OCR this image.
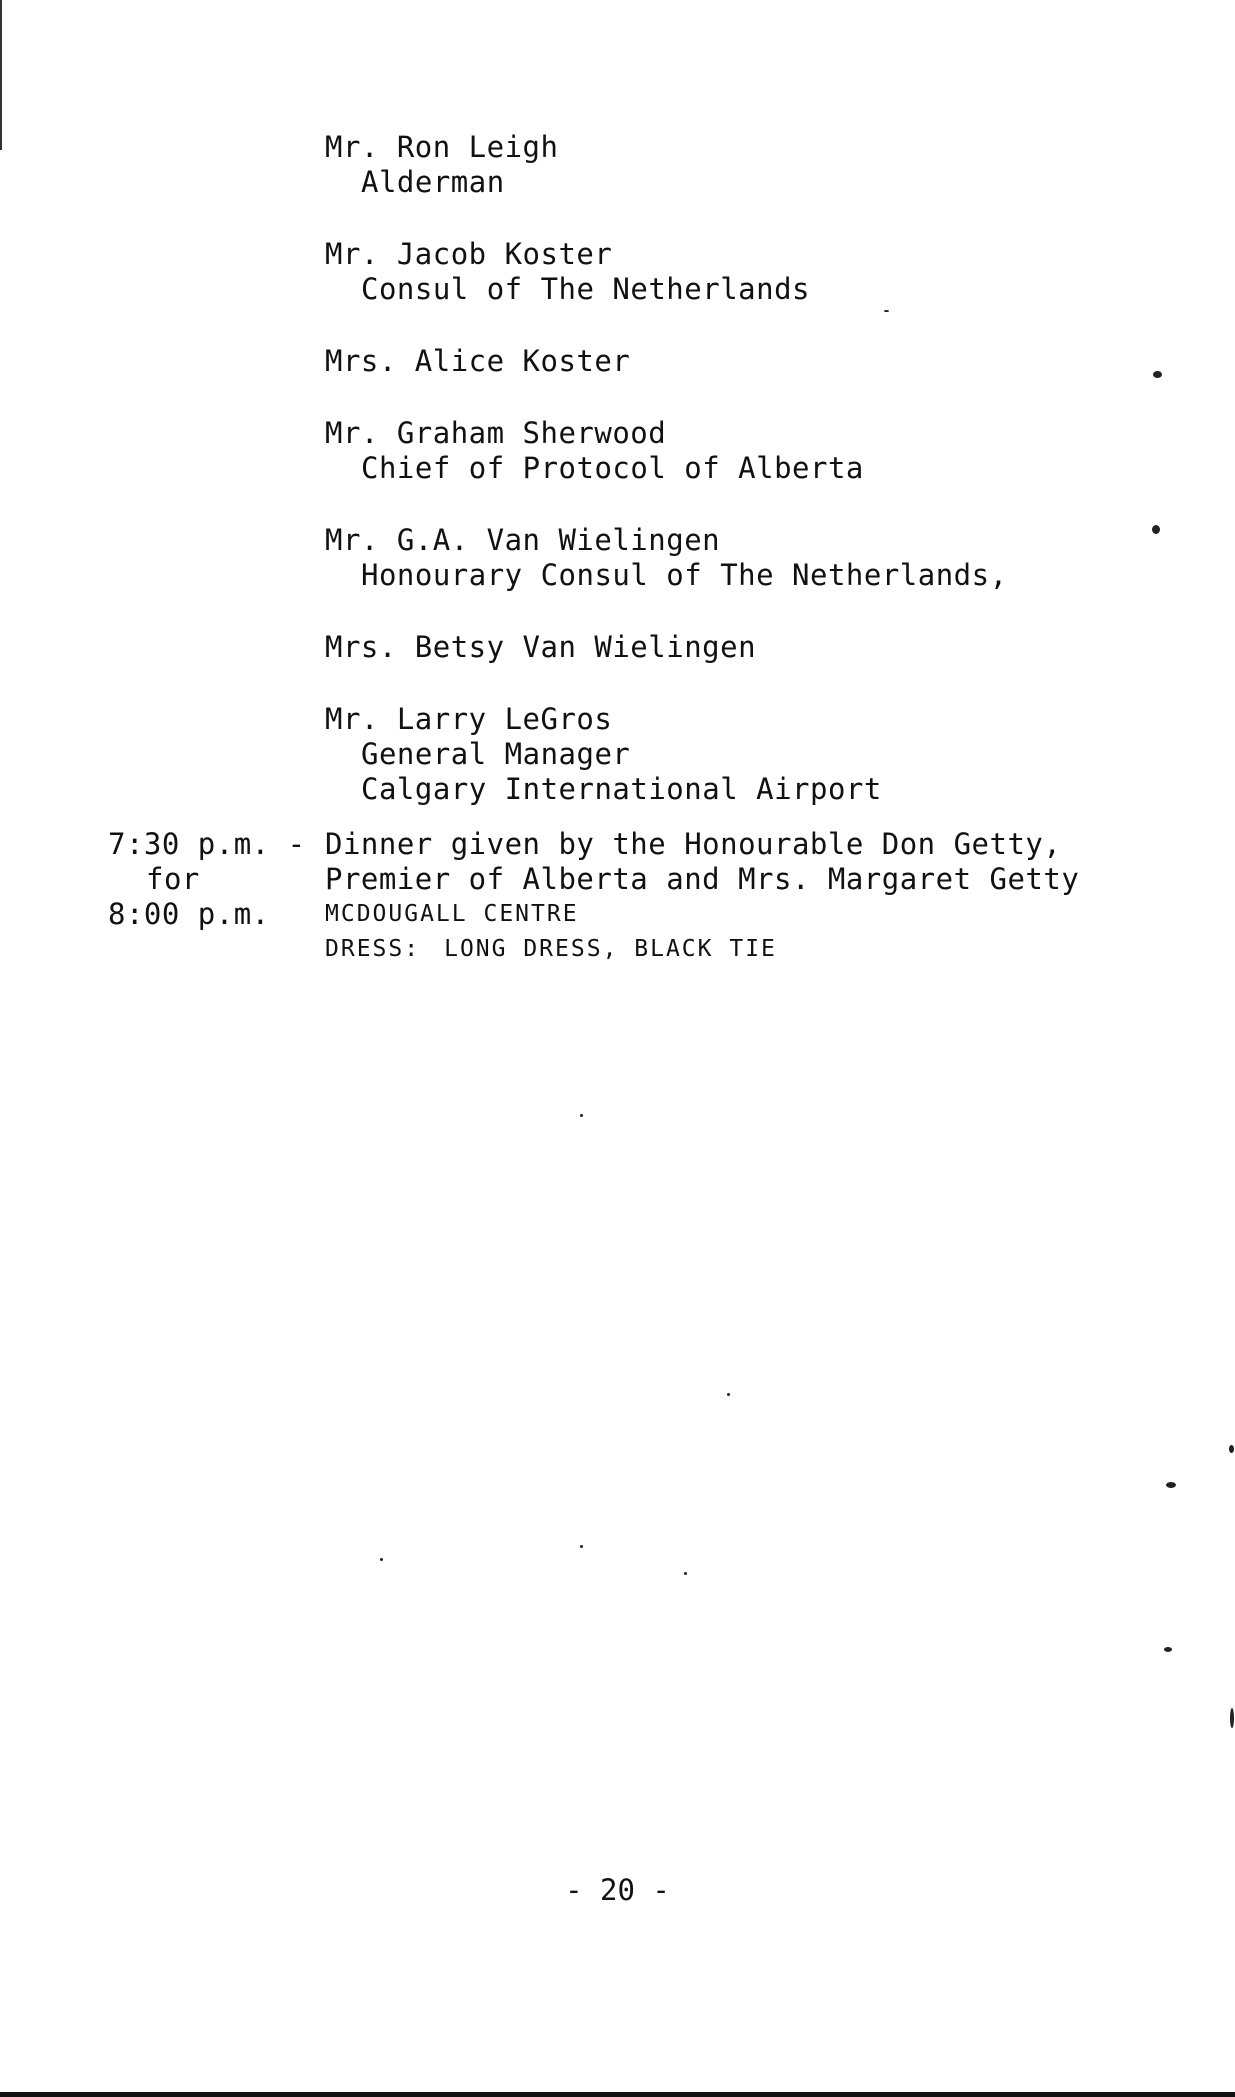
Mr. Ron Leigh
Alderman
Mr. Jacob Koster
Consul of The Netherlands
Mrs. Alice Koster
Mr. Graham Sherwood
Chief of Protocol of Alberta
Mr. G.A. Van Wielingen
Honourary Consul of The Netherlands,
Mrs. Betsy Van Wielingen
Mr. Larry LeGros
General Manager
Calgary International Airport
7:30 p.m. -
for
8:00 p.m.
Dinner given by the Honourable Don Getty,
Premier of Alberta and Mrs. Margaret Getty
MCDOUGALL CENTRE
DRESS: LONG DRESS, BLACK TIE
- 20 -
